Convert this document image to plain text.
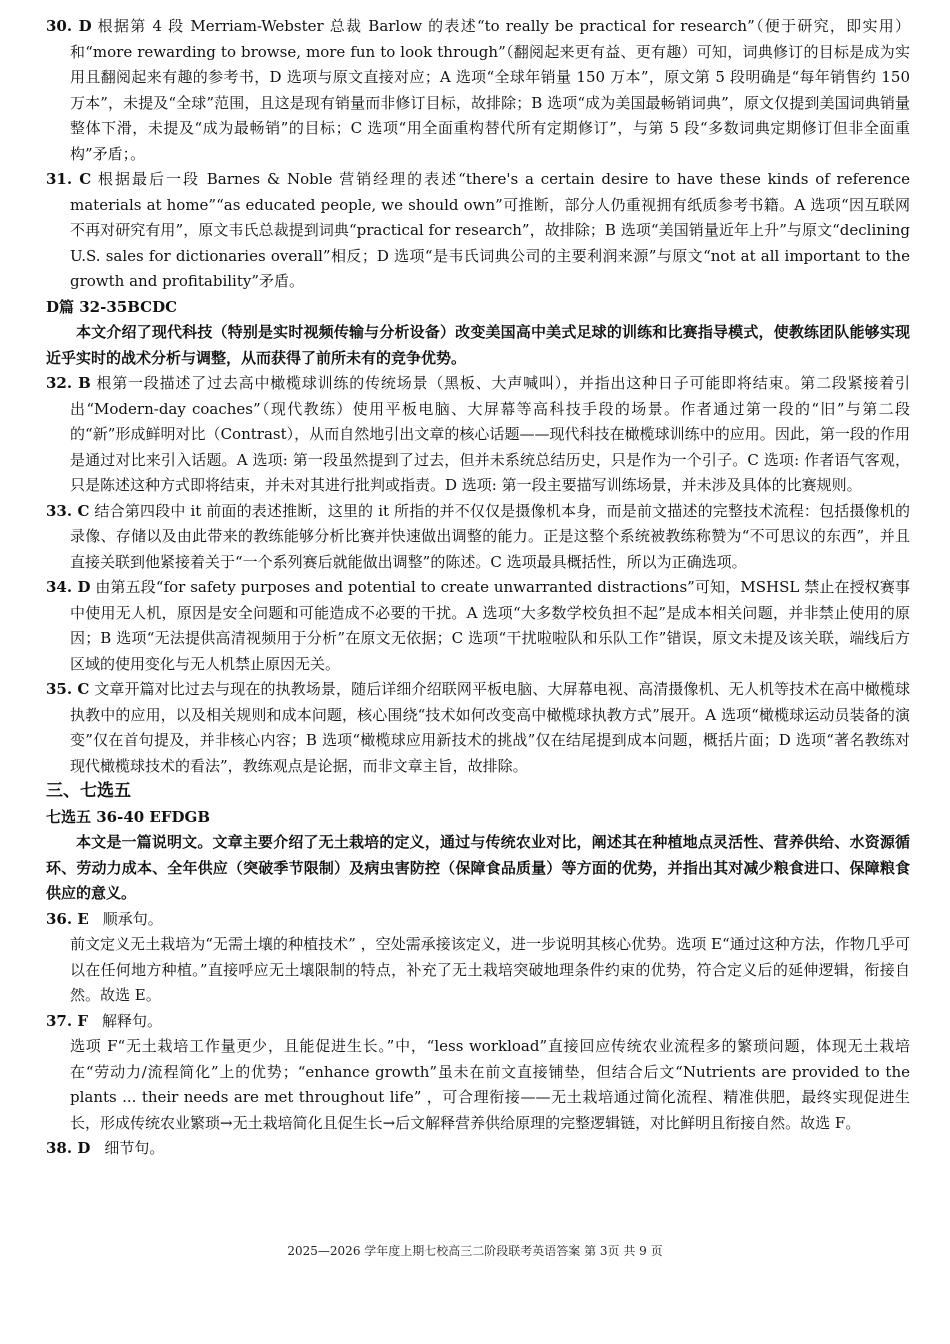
30. D 根据第 4 段 Merriam-Webster 总裁 Barlow 的表述“to really be practical for research”（便于研究，即实用）和“more rewarding to browse, more fun to look through”（翻阅起来更有益、更有趣）可知，词典修订的目标是成为实用且翻阅起来有趣的参考书，D 选项与原文直接对应；A 选项“全球年销量 150 万本”，原文第 5 段明确是“每年销售约 150 万本”，未提及“全球”范围，且这是现有销量而非修订目标，故排除；B 选项“成为美国最畅销词典”，原文仅提到美国词典销量整体下滑，未提及“成为最畅销”的目标；C 选项“用全面重构替代所有定期修订”，与第 5 段“多数词典定期修订但非全面重构”矛盾；。

31. C 根据最后一段 Barnes & Noble 营销经理的表述“there's a certain desire to have these kinds of reference materials at home”“as educated people, we should own”可推断，部分人仍重视拥有纸质参考书籍。A 选项“因互联网不再对研究有用”，原文韦氏总裁提到词典“practical for research”，故排除；B 选项“美国销量近年上升”与原文“declining U.S. sales for dictionaries overall”相反；D 选项“是韦氏词典公司的主要利润来源”与原文“not at all important to the growth and profitability”矛盾。

D篇 32-35BCDC

本文介绍了现代科技（特别是实时视频传输与分析设备）改变美国高中美式足球的训练和比赛指导模式，使教练团队能够实现近乎实时的战术分析与调整，从而获得了前所未有的竞争优势。

32. B 根第一段描述了过去高中橄榄球训练的传统场景（黑板、大声喊叫），并指出这种日子可能即将结束。第二段紧接着引出“Modern-day coaches”（现代教练）使用平板电脑、大屏幕等高科技手段的场景。作者通过第一段的“旧”与第二段的“新”形成鲜明对比（Contrast），从而自然地引出文章的核心话题——现代科技在橄榄球训练中的应用。因此，第一段的作用是通过对比来引入话题。A 选项: 第一段虽然提到了过去，但并未系统总结历史，只是作为一个引子。C 选项: 作者语气客观，只是陈述这种方式即将结束，并未对其进行批判或指责。D 选项: 第一段主要描写训练场景，并未涉及具体的比赛规则。

33. C 结合第四段中 it 前面的表述推断，这里的 it 所指的并不仅仅是摄像机本身，而是前文描述的完整技术流程：包括摄像机的录像、存储以及由此带来的教练能够分析比赛并快速做出调整的能力。正是这整个系统被教练称赞为“不可思议的东西”，并且直接关联到他紧接着关于“一个系列赛后就能做出调整”的陈述。C 选项最具概括性，所以为正确选项。

34. D 由第五段“for safety purposes and potential to create unwarranted distractions”可知，MSHSL 禁止在授权赛事中使用无人机，原因是安全问题和可能造成不必要的干扰。A 选项“大多数学校负担不起”是成本相关问题，并非禁止使用的原因；B 选项“无法提供高清视频用于分析”在原文无依据；C 选项“干扰啦啦队和乐队工作”错误，原文未提及该关联，端线后方区域的使用变化与无人机禁止原因无关。

35. C 文章开篇对比过去与现在的执教场景，随后详细介绍联网平板电脑、大屏幕电视、高清摄像机、无人机等技术在高中橄榄球执教中的应用，以及相关规则和成本问题，核心围绕“技术如何改变高中橄榄球执教方式”展开。A 选项“橄榄球运动员装备的演变”仅在首句提及，并非核心内容；B 选项“橄榄球应用新技术的挑战”仅在结尾提到成本问题，概括片面；D 选项“著名教练对现代橄榄球技术的看法”，教练观点是论据，而非文章主旨，故排除。

三、七选五

七选五 36-40 EFDGB

本文是一篇说明文。文章主要介绍了无土栽培的定义，通过与传统农业对比，阐述其在种植地点灵活性、营养供给、水资源循环、劳动力成本、全年供应（突破季节限制）及病虫害防控（保障食品质量）等方面的优势，并指出其对减少粮食进口、保障粮食供应的意义。

36. E 顺承句。

前文定义无土栽培为“无需土壤的种植技术” ，空处需承接该定义，进一步说明其核心优势。选项 E“通过这种方法，作物几乎可以在任何地方种植。”直接呼应无土壤限制的特点，补充了无土栽培突破地理条件约束的优势，符合定义后的延伸逻辑，衔接自然。故选 E。

37. F 解释句。

选项 F“无土栽培工作量更少，且能促进生长。”中，“less workload”直接回应传统农业流程多的繁琐问题，体现无土栽培在“劳动力/流程简化”上的优势；“enhance growth”虽未在前文直接铺垫，但结合后文“Nutrients are provided to the plants ... their needs are met throughout life” ，可合理衔接——无土栽培通过简化流程、精准供肥，最终实现促进生长，形成传统农业繁琐→无土栽培简化且促生长→后文解释营养供给原理的完整逻辑链，对比鲜明且衔接自然。故选 F。

38. D 细节句。

2025—2026 学年度上期七校高三二阶段联考英语答案 第 3页 共 9 页
